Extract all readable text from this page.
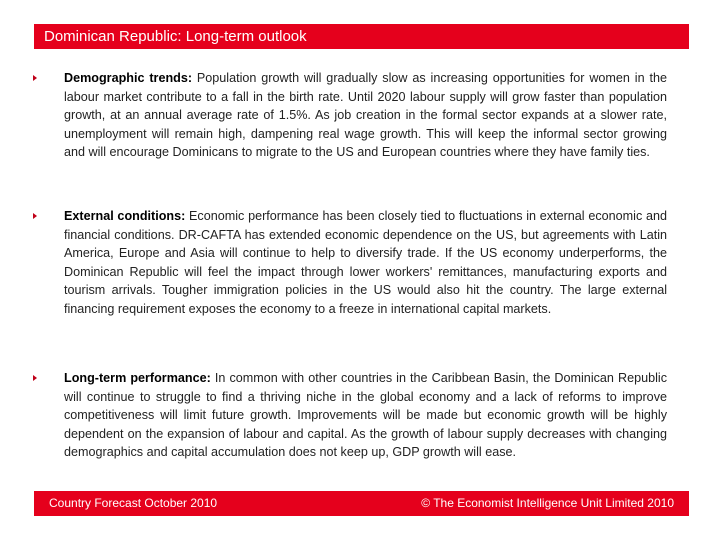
Dominican Republic: Long-term outlook
Demographic trends: Population growth will gradually slow as increasing opportunities for women in the labour market contribute to a fall in the birth rate. Until 2020 labour supply will grow faster than population growth, at an annual average rate of 1.5%. As job creation in the formal sector expands at a slower rate, unemployment will remain high, dampening real wage growth. This will keep the informal sector growing and will encourage Dominicans to migrate to the US and European countries where they have family ties.
External conditions: Economic performance has been closely tied to fluctuations in external economic and financial conditions. DR-CAFTA has extended economic dependence on the US, but agreements with Latin America, Europe and Asia will continue to help to diversify trade. If the US economy underperforms, the Dominican Republic will feel the impact through lower workers' remittances, manufacturing exports and tourism arrivals. Tougher immigration policies in the US would also hit the country. The large external financing requirement exposes the economy to a freeze in international capital markets.
Long-term performance: In common with other countries in the Caribbean Basin, the Dominican Republic will continue to struggle to find a thriving niche in the global economy and a lack of reforms to improve competitiveness will limit future growth. Improvements will be made but economic growth will be highly dependent on the expansion of labour and capital. As the growth of labour supply decreases with changing demographics and capital accumulation does not keep up, GDP growth will ease.
Country Forecast October 2010	© The Economist Intelligence Unit Limited 2010
